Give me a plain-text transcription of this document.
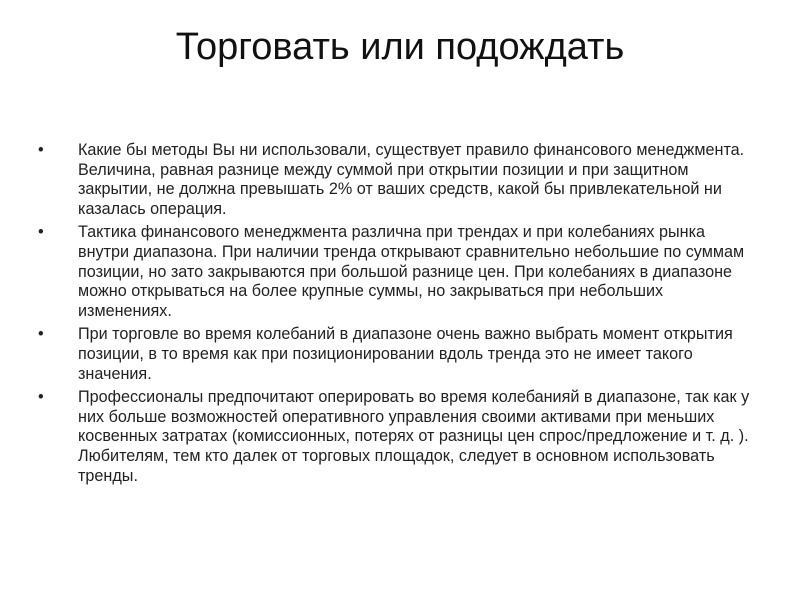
Торговать или подождать
•	Какие бы методы Вы ни использовали, существует правило финансового менеджмента. Величина, равная разнице между суммой при открытии позиции и при защитном закрытии, не должна превышать 2% от ваших средств, какой бы привлекательной ни казалась операция.
•	Тактика финансового менеджмента различна при трендах и при колебаниях рынка внутри диапазона. При наличии тренда открывают сравнительно небольшие по суммам позиции, но зато закрываются при большой разнице цен. При колебаниях в диапазоне можно открываться на более крупные суммы, но закрываться при небольших изменениях.
•	При торговле во время колебаний в диапазоне очень важно выбрать момент открытия позиции, в то время как при позиционировании вдоль тренда это не имеет такого значения.
•	Профессионалы предпочитают оперировать во время колебанияй в диапазоне, так как у них больше возможностей оперативного управления своими активами при меньших косвенных затратах (комиссионных, потерях от разницы цен спрос/предложение и т. д. ). Любителям, тем кто далек от торговых площадок, следует в основном использовать тренды.
